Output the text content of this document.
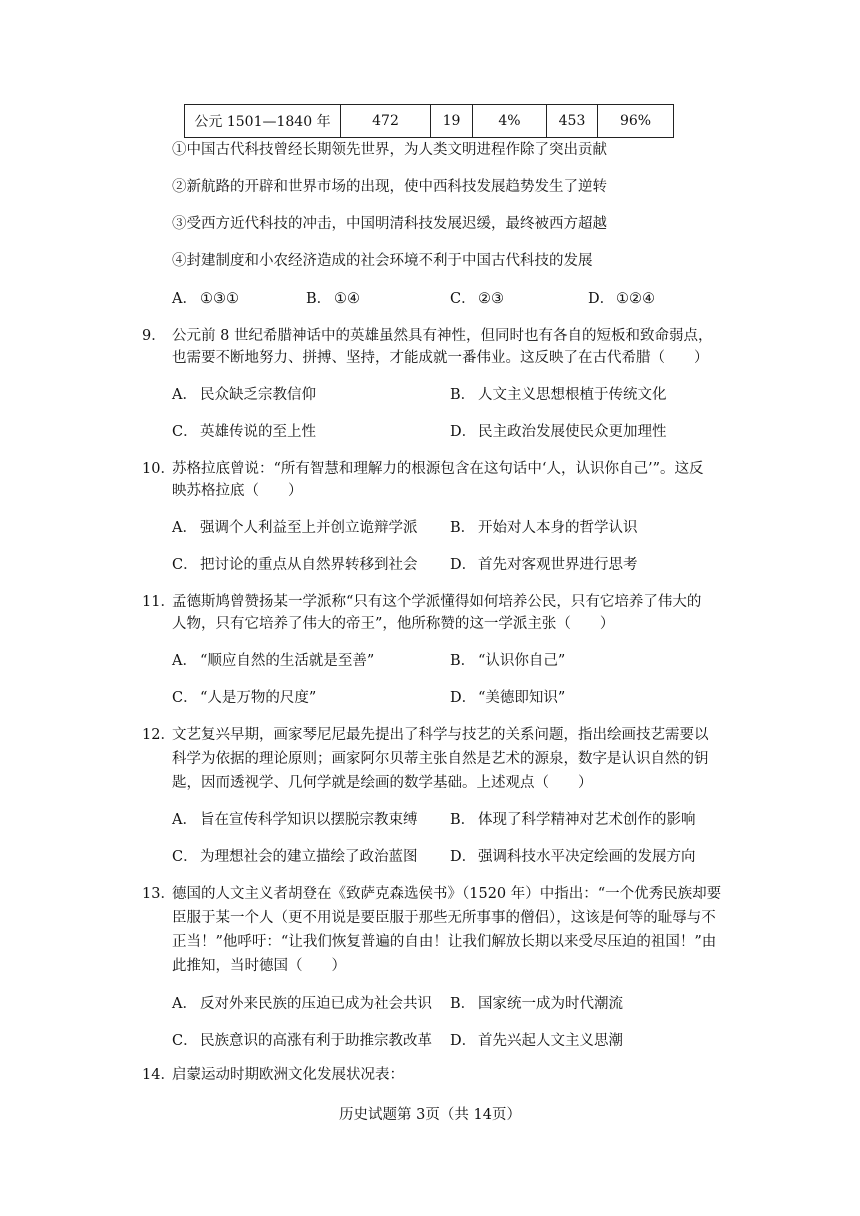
公元 1501—1840 年	472	19	4%	453	96%
①中国古代科技曾经长期领先世界，为人类文明进程作除了突出贡献
②新航路的开辟和世界市场的出现，使中西科技发展趋势发生了逆转
③受西方近代科技的冲击，中国明清科技发展迟缓，最终被西方超越
④封建制度和小农经济造成的社会环境不利于中国古代科技的发展
A． ①③①	B． ①④	C． ②③	D． ①②④
9． 公元前 8 世纪希腊神话中的英雄虽然具有神性，但同时也有各自的短板和致命弱点，
也需要不断地努力、拼搏、坚持，才能成就一番伟业。这反映了在古代希腊（　　）
A． 民众缺乏宗教信仰	B． 人文主义思想根植于传统文化
C． 英雄传说的至上性	D． 民主政治发展使民众更加理性
10．
苏格拉底曾说：“所有智慧和理解力的根源包含在这句话中‘人，认识你自己’”。这反
映苏格拉底（　　）
A． 强调个人利益至上并创立诡辩学派 B． 开始对人本身的哲学认识
C． 把讨论的重点从自然界转移到社会 D． 首先对客观世界进行思考
11．
孟德斯鸠曾赞扬某一学派称“只有这个学派懂得如何培养公民，只有它培养了伟大的
人物，只有它培养了伟大的帝王”，他所称赞的这一学派主张（　　）
A． “顺应自然的生活就是至善”	B． “认识你自己”
C． “人是万物的尺度”	D． “美德即知识”
12．
文艺复兴早期，画家琴尼尼最先提出了科学与技艺的关系问题，指出绘画技艺需要以
科学为依据的理论原则；画家阿尔贝蒂主张自然是艺术的源泉，数字是认识自然的钥
匙，因而透视学、几何学就是绘画的数学基础。上述观点（　　）
A． 旨在宣传科学知识以摆脱宗教束缚 B． 体现了科学精神对艺术创作的影响
C． 为理想社会的建立描绘了政治蓝图 D． 强调科技水平决定绘画的发展方向
13．
德国的人文主义者胡登在《致萨克森选侯书》（1520 年）中指出：“一个优秀民族却要
臣服于某一个人（更不用说是要臣服于那些无所事事的僧侣），这该是何等的耻辱与不
正当！”他呼吁：“让我们恢复普遍的自由！让我们解放长期以来受尽压迫的祖国！”由
此推知，当时德国（　　）
A． 反对外来民族的压迫已成为社会共识 B． 国家统一成为时代潮流
C． 民族意识的高涨有利于助推宗教改革 D． 首先兴起人文主义思潮
14．
启蒙运动时期欧洲文化发展状况表：
历史试题第 3页（共 14页）
